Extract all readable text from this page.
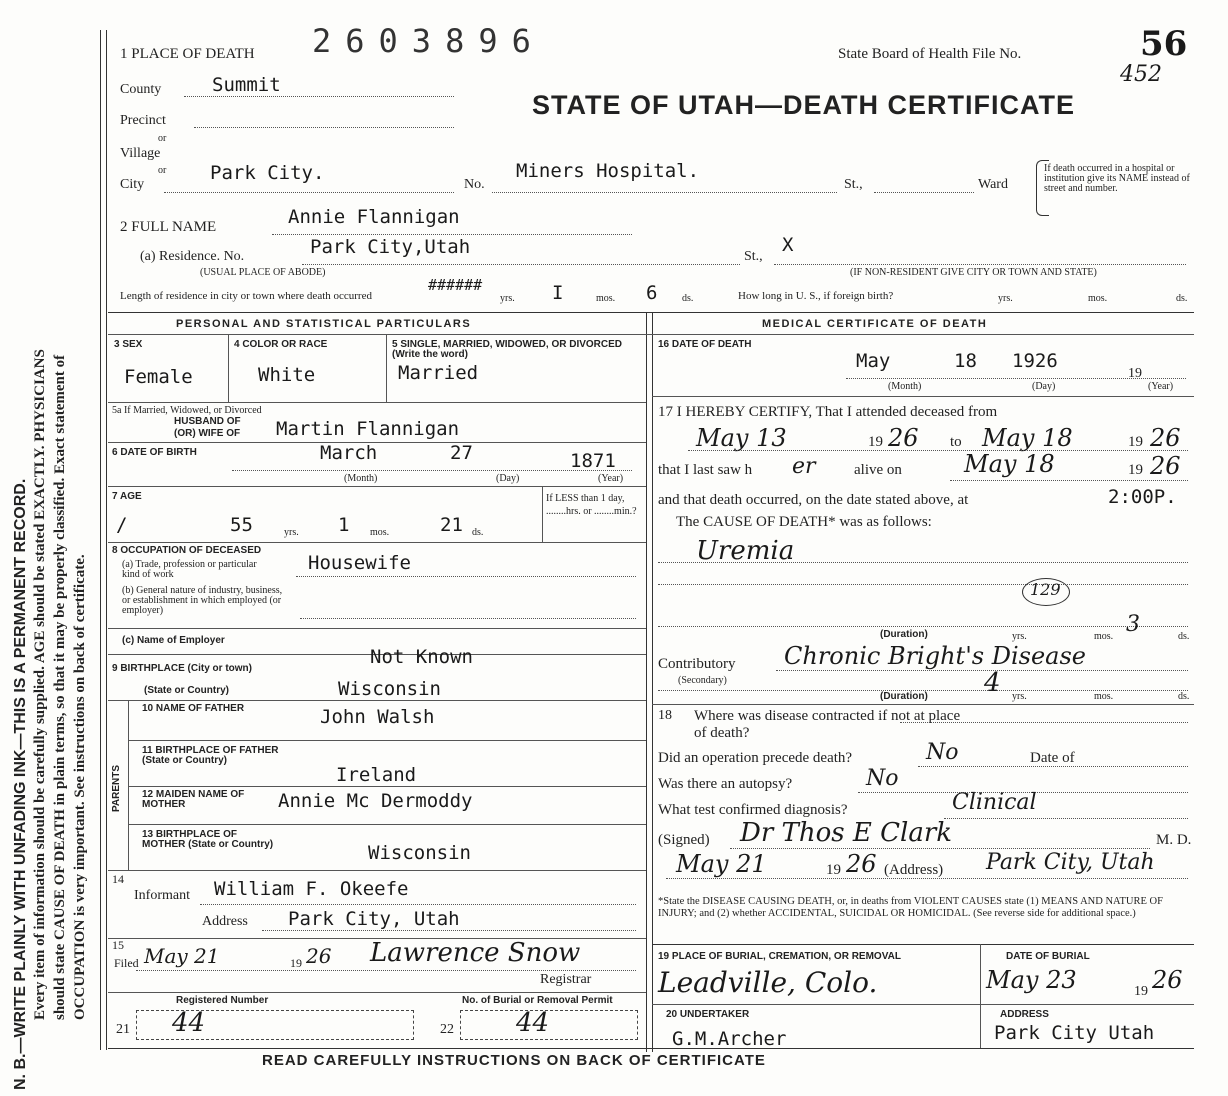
N. B.—WRITE PLAINLY WITH UNFADING INK—THIS IS A PERMANENT RECORD. Every item of information should be carefully supplied. AGE should be stated EXACTLY. PHYSICIANS should state CAUSE OF DEATH in plain terms, so that it may be properly classified. Exact statement of OCCUPATION is very important. See instructions on back of certificate.
1 PLACE OF DEATH 2603896	State Board of Health File No.	56
452
STATE OF UTAH—DEATH CERTIFICATE
County	Summit
Precinct
or
Village
or
City
Park City.
No.
Miners Hospital.
St.,	Ward
If death occurred in a hospital or institution give its NAME instead of street and number.
2 FULL NAME	Annie Flannigan
(a) Residence. No.	Park City,Utah	St.,
X
(USUAL PLACE OF ABODE)	(IF NON-RESIDENT GIVE CITY OR TOWN AND STATE)
Length of residence in city or town where death occurred
######
yrs. I	mos. 6 ds.	How long in U. S., if foreign birth?	yrs.	mos.	ds.
PERSONAL AND STATISTICAL PARTICULARS	MEDICAL CERTIFICATE OF DEATH
3 SEX
Female
4 COLOR OR RACE
White
5 SINGLE, MARRIED, WIDOWED, OR DIVORCED (Write the word)
Married
5a If Married, Widowed, or Divorced
HUSBAND OF
(OR) WIFE OF Martin Flannigan
6 DATE OF BIRTH	March	27	1871
(Month)	(Day)	(Year)
7 AGE
/	55	yrs. 1 mos.	21 ds.
If LESS than 1 day, ........hrs. or ........min.?
8 OCCUPATION OF DECEASED
(a) Trade, profession or particular kind of work
Housewife
(b) General nature of industry, business, or establishment in which employed (or employer)
(c) Name of Employer
9 BIRTHPLACE (City or town)
Not Known
(State or Country)	Wisconsin
PARENTS
10 NAME OF FATHER	John Walsh
11 BIRTHPLACE OF FATHER (State or Country)
Ireland
12 MAIDEN NAME OF MOTHER	Annie Mc Dermoddy
13 BIRTHPLACE OF MOTHER (State or Country)	Wisconsin
14
Informant William F. Okeefe
Address Park City, Utah
15
Filed May 21	19 26 Lawrence Snow
Registrar
Registered Number	No. of Burial or Removal Permit
21 44	22 44
16 DATE OF DEATH
May	18 1926
19
(Month)	(Day)	(Year)
17 I HEREBY CERTIFY, That I attended deceased from
May 13	19 26 to May 18	19 26
that I last saw h er	alive on	May 18	19 26
and that death occurred, on the date stated above, at	2:00P.
The CAUSE OF DEATH* was as follows:
Uremia
129
(Duration)	yrs.	mos. 3	ds.
Contributory
(Secondary)
Chronic Bright's Disease
(Duration) 4 yrs.	mos.	ds.
18 Where was disease contracted if not at place of death?
Did an operation precede death?	No	Date of
Was there an autopsy?	No
What test confirmed diagnosis?	Clinical
(Signed) Dr Thos E Clark	M. D.
May 21	19 26 (Address) Park City, Utah
*State the DISEASE CAUSING DEATH, or, in deaths from VIOLENT CAUSES state (1) MEANS AND NATURE OF INJURY; and (2) whether ACCIDENTAL, SUICIDAL OR HOMICIDAL. (See reverse side for additional space.)
19 PLACE OF BURIAL, CREMATION, OR REMOVAL
Leadville, Colo.
DATE OF BURIAL
May 23	19 26
20 UNDERTAKER
G.M.Archer
ADDRESS
Park City Utah
READ CAREFULLY INSTRUCTIONS ON BACK OF CERTIFICATE
